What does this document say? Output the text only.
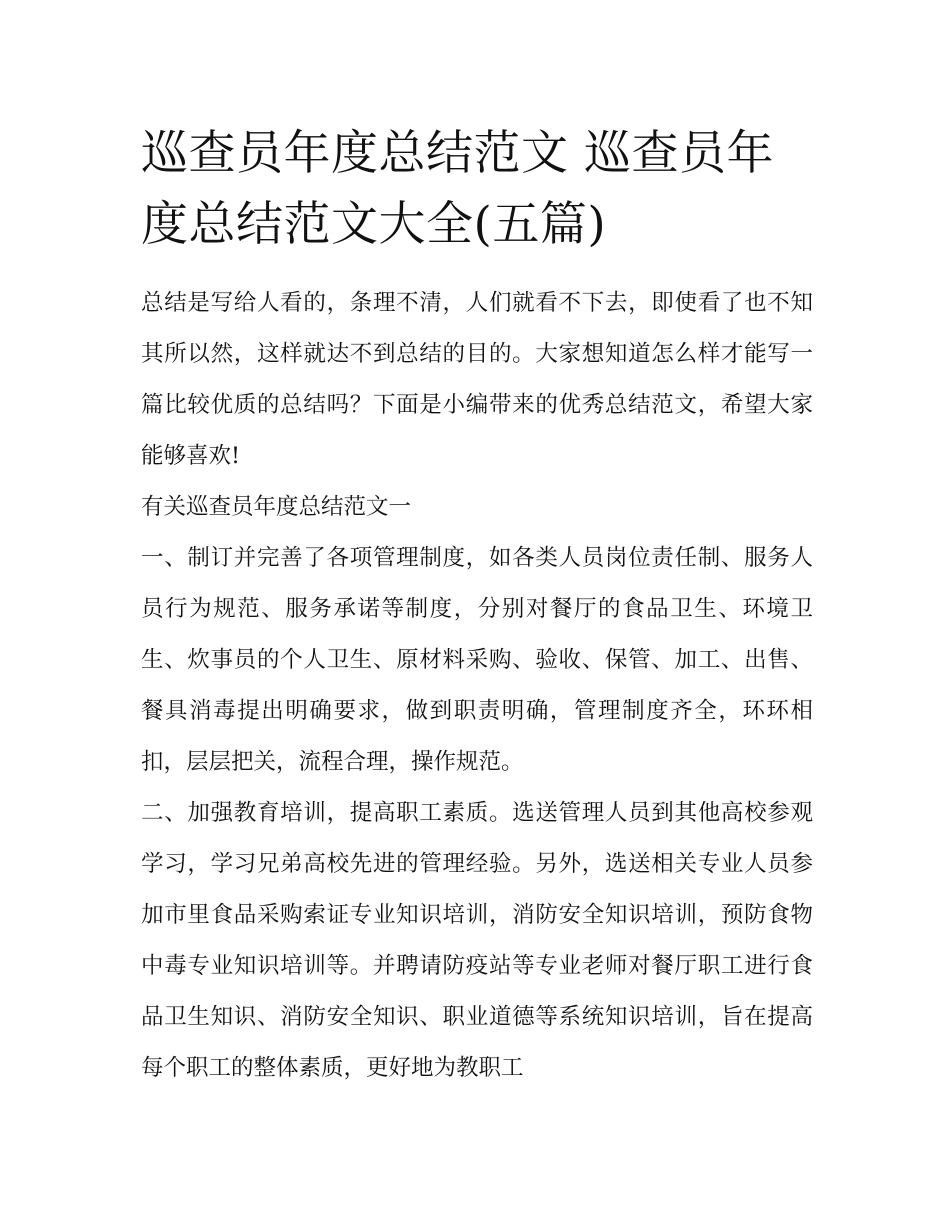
巡查员年度总结范文 巡查员年度总结范文大全(五篇)

总结是写给人看的，条理不清，人们就看不下去，即使看了也不知其所以然，这样就达不到总结的目的。大家想知道怎么样才能写一篇比较优质的总结吗？下面是小编带来的优秀总结范文，希望大家能够喜欢!

有关巡查员年度总结范文一

一、制订并完善了各项管理制度，如各类人员岗位责任制、服务人员行为规范、服务承诺等制度，分别对餐厅的食品卫生、环境卫生、炊事员的个人卫生、原材料采购、验收、保管、加工、出售、餐具消毒提出明确要求，做到职责明确，管理制度齐全，环环相扣，层层把关，流程合理，操作规范。

二、加强教育培训，提高职工素质。选送管理人员到其他高校参观学习，学习兄弟高校先进的管理经验。另外，选送相关专业人员参加市里食品采购索证专业知识培训，消防安全知识培训，预防食物中毒专业知识培训等。并聘请防疫站等专业老师对餐厅职工进行食品卫生知识、消防安全知识、职业道德等系统知识培训，旨在提高每个职工的整体素质，更好地为教职工
